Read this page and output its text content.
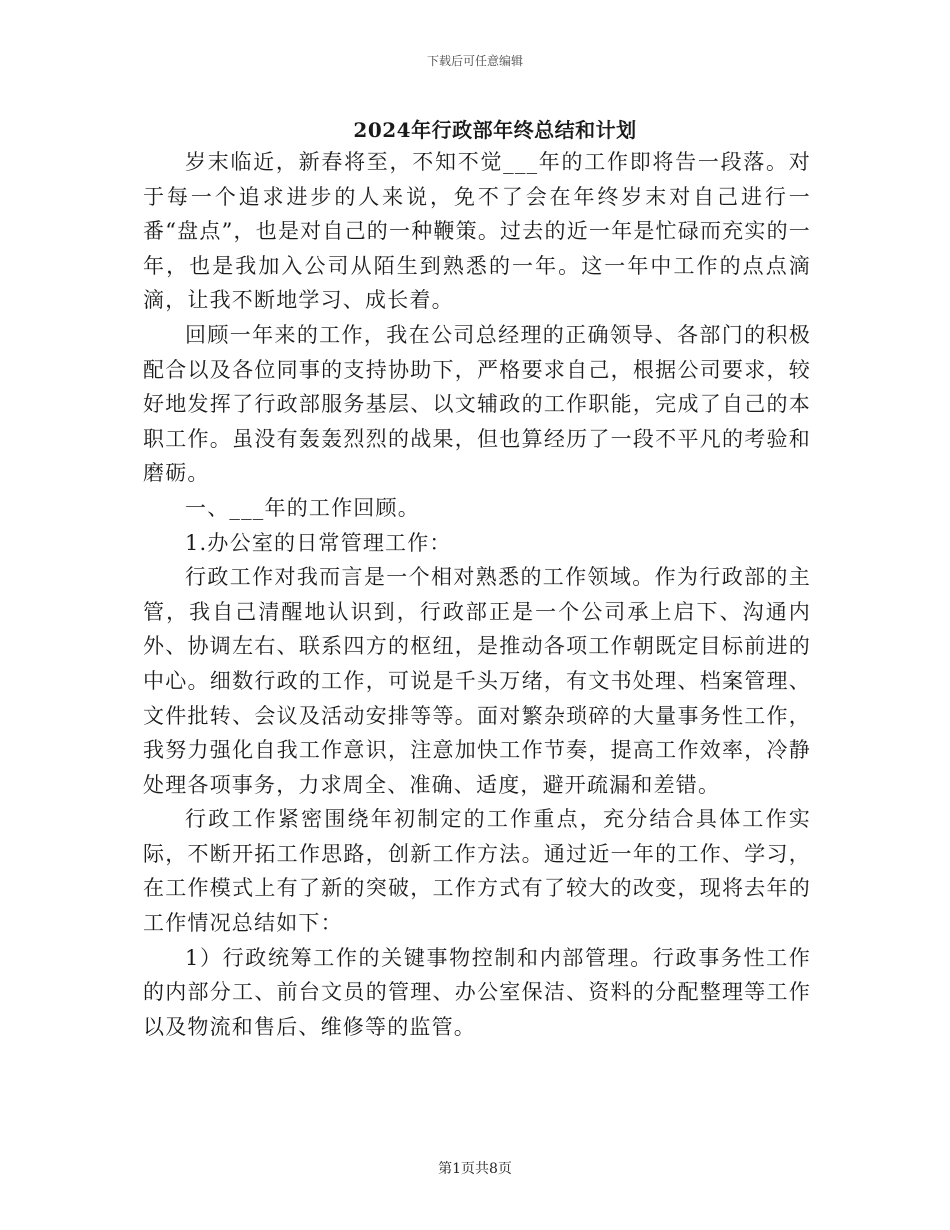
下载后可任意编辑
2024年行政部年终总结和计划

岁末临近，新春将至，不知不觉___年的工作即将告一段落。对于每一个追求进步的人来说，免不了会在年终岁末对自己进行一番“盘点”，也是对自己的一种鞭策。过去的近一年是忙碌而充实的一年，也是我加入公司从陌生到熟悉的一年。这一年中工作的点点滴滴，让我不断地学习、成长着。

回顾一年来的工作，我在公司总经理的正确领导、各部门的积极配合以及各位同事的支持协助下，严格要求自己，根据公司要求，较好地发挥了行政部服务基层、以文辅政的工作职能，完成了自己的本职工作。虽没有轰轰烈烈的战果，但也算经历了一段不平凡的考验和磨砺。

一、___年的工作回顾。

1.办公室的日常管理工作：

行政工作对我而言是一个相对熟悉的工作领域。作为行政部的主管，我自己清醒地认识到，行政部正是一个公司承上启下、沟通内外、协调左右、联系四方的枢纽，是推动各项工作朝既定目标前进的中心。细数行政的工作，可说是千头万绪，有文书处理、档案管理、文件批转、会议及活动安排等等。面对繁杂琐碎的大量事务性工作，我努力强化自我工作意识，注意加快工作节奏，提高工作效率，冷静处理各项事务，力求周全、准确、适度，避开疏漏和差错。

行政工作紧密围绕年初制定的工作重点，充分结合具体工作实际，不断开拓工作思路，创新工作方法。通过近一年的工作、学习，在工作模式上有了新的突破，工作方式有了较大的改变，现将去年的工作情况总结如下：

1）行政统筹工作的关键事物控制和内部管理。行政事务性工作的内部分工、前台文员的管理、办公室保洁、资料的分配整理等工作以及物流和售后、维修等的监管。

第1页共8页
